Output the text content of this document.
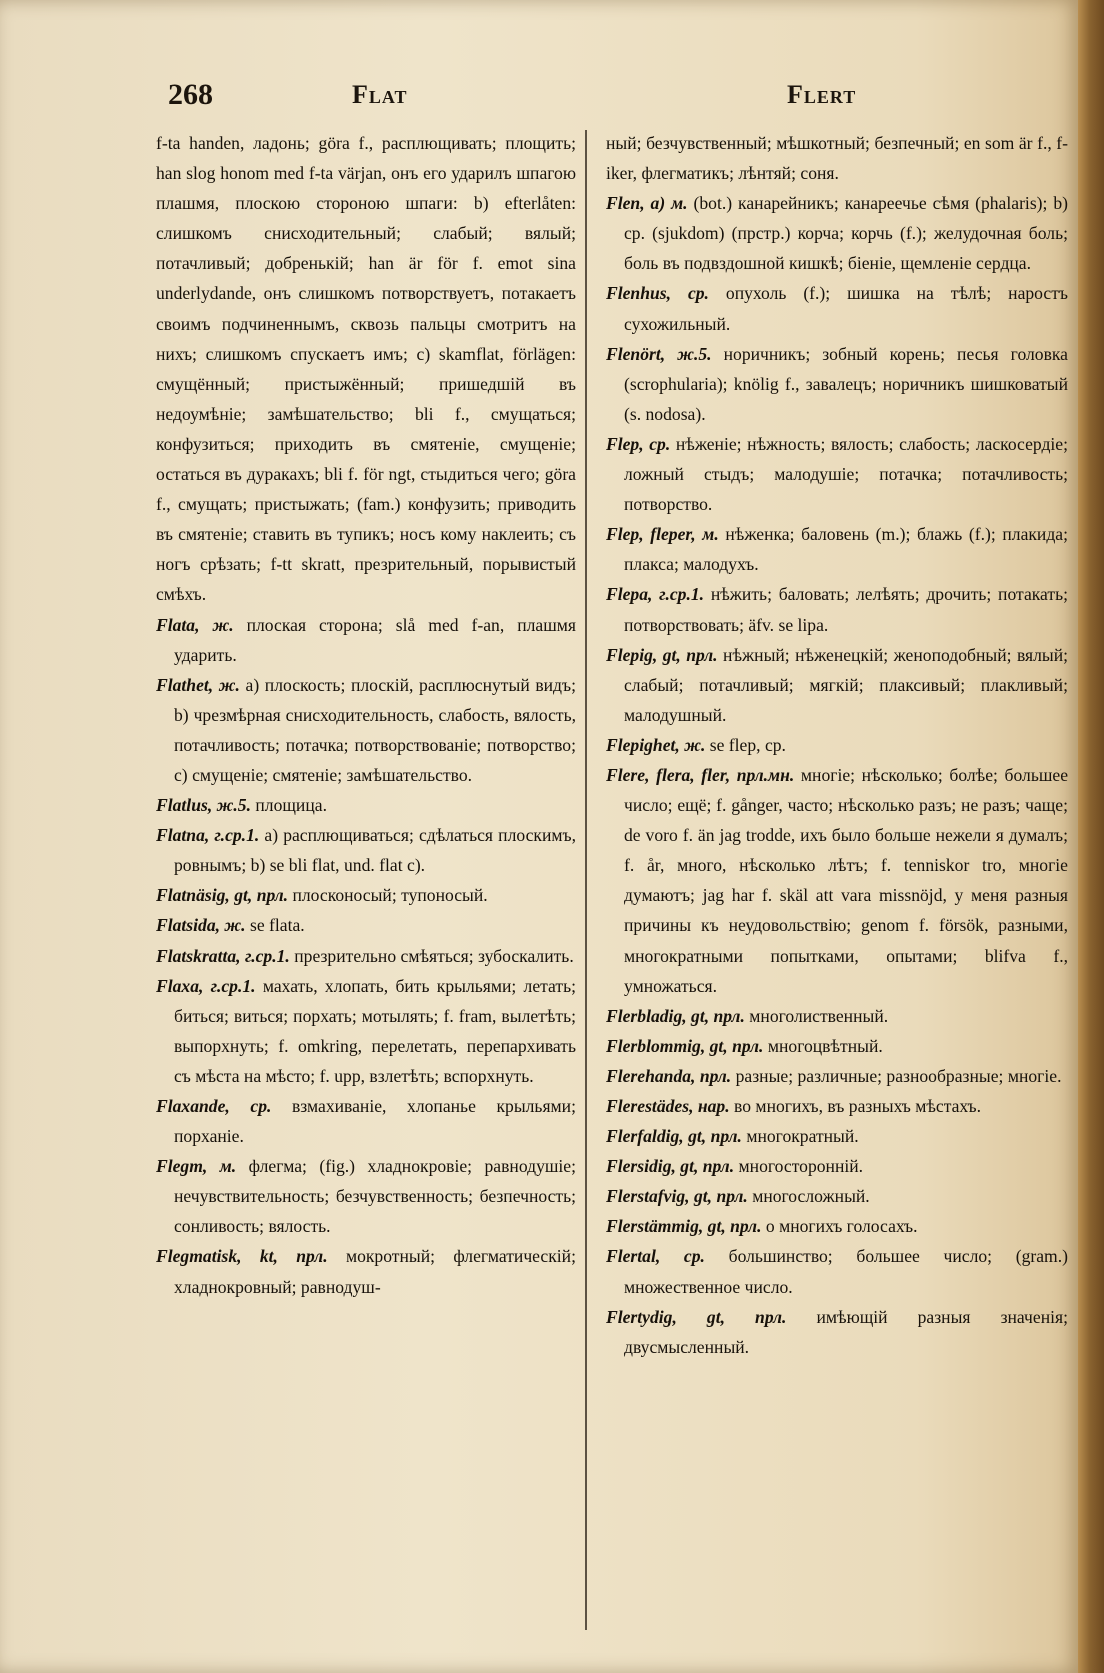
268	Flat	Flert

f-ta handen, ладонь; göra f., расплющивать; площить; han slog honom med f-ta värjan, онъ его ударилъ шпагою плашмя, плоскою стороною шпаги: b) efterlåten: слишкомъ снисходительный; слабый; вялый; потачливый; добренькій; han är för f. emot sina underlydande, онъ слишкомъ потворствуетъ, потакаетъ своимъ подчиненнымъ, сквозь пальцы смотритъ на нихъ; слишкомъ спускаетъ имъ; c) skamflat, förlägen: смущённый; пристыжённый; пришедшій въ недоумѣніе; замѣшательство; bli f., смущаться; конфузиться; приходить въ смятеніе, смущеніе; остаться въ дуракахъ; bli f. för ngt, стыдиться чего; göra f., смущать; пристыжать; (fam.) конфузить; приводить въ смятеніе; ставить въ тупикъ; носъ кому наклеить; съ ногъ срѣзать; f-tt skratt, презрительный, порывистый смѣхъ.

Flata, ж. плоская сторона; slå med f-an, плашмя ударить.

Flathet, ж. a) плоскость; плоскій, расплюснутый видъ; b) чрезмѣрная снисходительность, слабость, вялость, потачливость; потачка; потворствованіе; потворство; c) смущеніе; смятеніе; замѣшательство.

Flatlus, ж.5. площица.

Flatna, г.ср.1. a) расплющиваться; сдѣлаться плоскимъ, ровнымъ; b) se bli flat, und. flat c).

Flatnäsig, gt, прл. плосконосый; тупоносый.

Flatsida, ж. se flata.

Flatskratta, г.ср.1. презрительно смѣяться; зубоскалить.

Flaxa, г.ср.1. махать, хлопать, бить крыльями; летать; биться; виться; порхать; мотылять; f. fram, вылетѣть; выпорхнуть; f. omkring, перелетать, перепархивать съ мѣста на мѣсто; f. upp, взлетѣть; вспорхнуть.

Flaxande, ср. взмахиваніе, хлопанье крыльями; порханіе.

Flegm, м. флегма; (fig.) хладнокровіе; равнодушіе; нечувствительность; безчувственность; безпечность; сонливость; вялость.

Flegmatisk, kt, прл. мокротный; флегматическій; хладнокровный; равнодуш-

ный; безчувственный; мѣшкотный; безпечный; en som är f., f-iker, флегматикъ; лѣнтяй; соня.

Flen, a) м. (bot.) канарейникъ; канареечье сѣмя (phalaris); b) ср. (sjukdom) (прстр.) корча; корчь (f.); желудочная боль; боль въ подвздошной кишкѣ; біеніе, щемленіе сердца.

Flenhus, ср. опухоль (f.); шишка на тѣлѣ; наростъ сухожильный.

Flenört, ж.5. норичникъ; зобный корень; песья головка (scrophularia); knölig f., завалецъ; норичникъ шишковатый (s. nodosa).

Flep, ср. нѣженіе; нѣжность; вялость; слабость; ласкосердіе; ложный стыдъ; малодушіе; потачка; потачливость; потворство.

Flep, fleper, м. нѣженка; баловень (m.); блажь (f.); плакида; плакса; малодухъ.

Flepa, г.ср.1. нѣжить; баловать; лелѣять; дрочить; потакать; потворствовать; äfv. se lipa.

Flepig, gt, прл. нѣжный; нѣженецкій; женоподобный; вялый; слабый; потачливый; мягкій; плаксивый; плакливый; малодушный.

Flepighet, ж. se flep, ср.

Flere, flera, fler, прл.мн. многіе; нѣсколько; болѣе; большее число; ещё; f. gånger, часто; нѣсколько разъ; не разъ; чаще; de voro f. än jag trodde, ихъ было больше нежели я думалъ; f. år, много, нѣсколько лѣтъ; f. tenniskor tro, многіе думаютъ; jag har f. skäl att vara missnöjd, у меня разныя причины къ неудовольствію; genom f. försök, разными, многократными попытками, опытами; blifva f., умножаться.

Flerbladig, gt, прл. многолиственный.

Flerblommig, gt, прл. многоцвѣтный.

Flerehanda, прл. разные; различные; разнообразные; многіе.

Flerestädes, нар. во многихъ, въ разныхъ мѣстахъ.

Flerfaldig, gt, прл. многократный.

Flersidig, gt, прл. многосторонній.

Flerstafvig, gt, прл. многосложный.

Flerstämmig, gt, прл. о многихъ голосахъ.

Flertal, ср. большинство; большее число; (gram.) множественное число.

Flertydig, gt, прл. имѣющій разныя значенія; двусмысленный.
